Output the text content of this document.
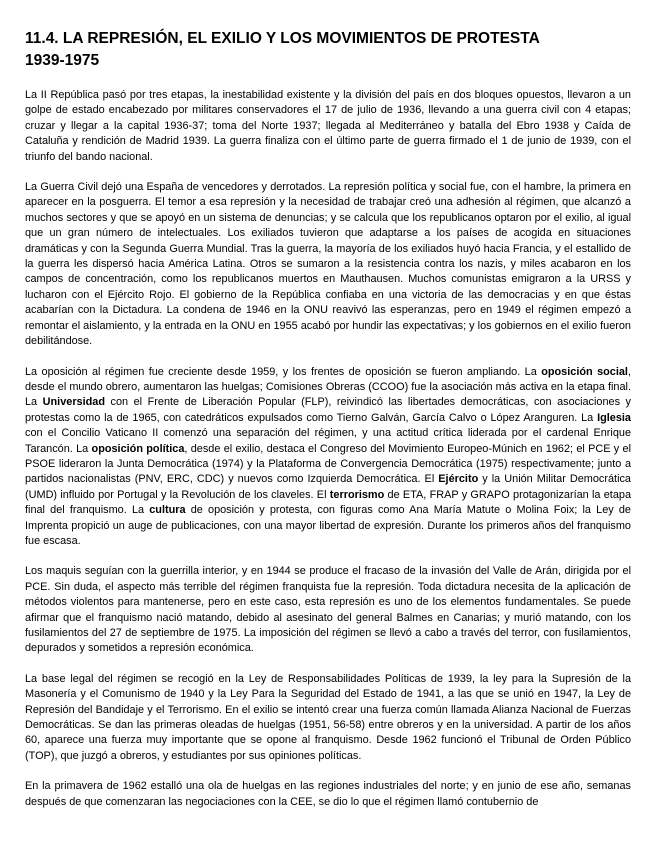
11.4. LA REPRESIÓN, EL EXILIO Y LOS MOVIMIENTOS DE PROTESTA
1939-1975

La II República pasó por tres etapas, la inestabilidad existente y la división del país en dos bloques opuestos, llevaron a un golpe de estado encabezado por militares conservadores el 17 de julio de 1936, llevando a una guerra civil con 4 etapas; cruzar y llegar a la capital 1936-37; toma del Norte 1937; llegada al Mediterráneo y batalla del Ebro 1938 y Caída de Cataluña y rendición de Madrid 1939. La guerra finaliza con el último parte de guerra firmado el 1 de junio de 1939, con el triunfo del bando nacional.

La Guerra Civil dejó una España de vencedores y derrotados. La represión política y social fue, con el hambre, la primera en aparecer en la posguerra. El temor a esa represión y la necesidad de trabajar creó una adhesión al régimen, que alcanzó a muchos sectores y que se apoyó en un sistema de denuncias; y se calcula que los republicanos optaron por el exilio, al igual que un gran número de intelectuales. Los exiliados tuvieron que adaptarse a los países de acogida en situaciones dramáticas y con la Segunda Guerra Mundial. Tras la guerra, la mayoría de los exiliados huyó hacia Francia, y el estallido de la guerra les dispersó hacia América Latina. Otros se sumaron a la resistencia contra los nazis, y miles acabaron en los campos de concentración, como los republicanos muertos en Mauthausen. Muchos comunistas emigraron a la URSS y lucharon con el Ejército Rojo. El gobierno de la República confiaba en una victoria de las democracias y en que éstas acabarían con la Dictadura. La condena de 1946 en la ONU reavivó las esperanzas, pero en 1949 el régimen empezó a remontar el aislamiento, y la entrada en la ONU en 1955 acabó por hundir las expectativas; y los gobiernos en el exilio fueron debilitándose.

La oposición al régimen fue creciente desde 1959, y los frentes de oposición se fueron ampliando. La oposición social, desde el mundo obrero, aumentaron las huelgas; Comisiones Obreras (CCOO) fue la asociación más activa en la etapa final. La Universidad con el Frente de Liberación Popular (FLP), reivindicó las libertades democráticas, con asociaciones y protestas como la de 1965, con catedráticos expulsados como Tierno Galván, García Calvo o López Aranguren. La Iglesia con el Concilio Vaticano II comenzó una separación del régimen, y una actitud crítica liderada por el cardenal Enrique Tarancón. La oposición política, desde el exilio, destaca el Congreso del Movimiento Europeo-Múnich en 1962; el PCE y el PSOE lideraron la Junta Democrática (1974) y la Plataforma de Convergencia Democrática (1975) respectivamente; junto a partidos nacionalistas (PNV, ERC, CDC) y nuevos como Izquierda Democrática. El Ejército y la Unión Militar Democrática (UMD) influido por Portugal y la Revolución de los claveles. El terrorismo de ETA, FRAP y GRAPO protagonizarían la etapa final del franquismo. La cultura de oposición y protesta, con figuras como Ana María Matute o Molina Foix; la Ley de Imprenta propició un auge de publicaciones, con una mayor libertad de expresión. Durante los primeros años del franquismo fue escasa.

Los maquis seguían con la guerrilla interior, y en 1944 se produce el fracaso de la invasión del Valle de Arán, dirigida por el PCE. Sin duda, el aspecto más terrible del régimen franquista fue la represión. Toda dictadura necesita de la aplicación de métodos violentos para mantenerse, pero en este caso, esta represión es uno de los elementos fundamentales. Se puede afirmar que el franquismo nació matando, debido al asesinato del general Balmes en Canarias; y murió matando, con los fusilamientos del 27 de septiembre de 1975. La imposición del régimen se llevó a cabo a través del terror, con fusilamientos, depurados y sometidos a represión económica.

La base legal del régimen se recogió en la Ley de Responsabilidades Políticas de 1939, la ley para la Supresión de la Masonería y el Comunismo de 1940 y la Ley Para la Seguridad del Estado de 1941, a las que se unió en 1947, la Ley de Represión del Bandidaje y el Terrorismo. En el exilio se intentó crear una fuerza común llamada Alianza Nacional de Fuerzas Democráticas. Se dan las primeras oleadas de huelgas (1951, 56-58) entre obreros y en la universidad. A partir de los años 60, aparece una fuerza muy importante que se opone al franquismo. Desde 1962 funcionó el Tribunal de Orden Público (TOP), que juzgó a obreros, y estudiantes por sus opiniones políticas.

En la primavera de 1962 estalló una ola de huelgas en las regiones industriales del norte; y en junio de ese año, semanas después de que comenzaran las negociaciones con la CEE, se dio lo que el régimen llamó contubernio de
